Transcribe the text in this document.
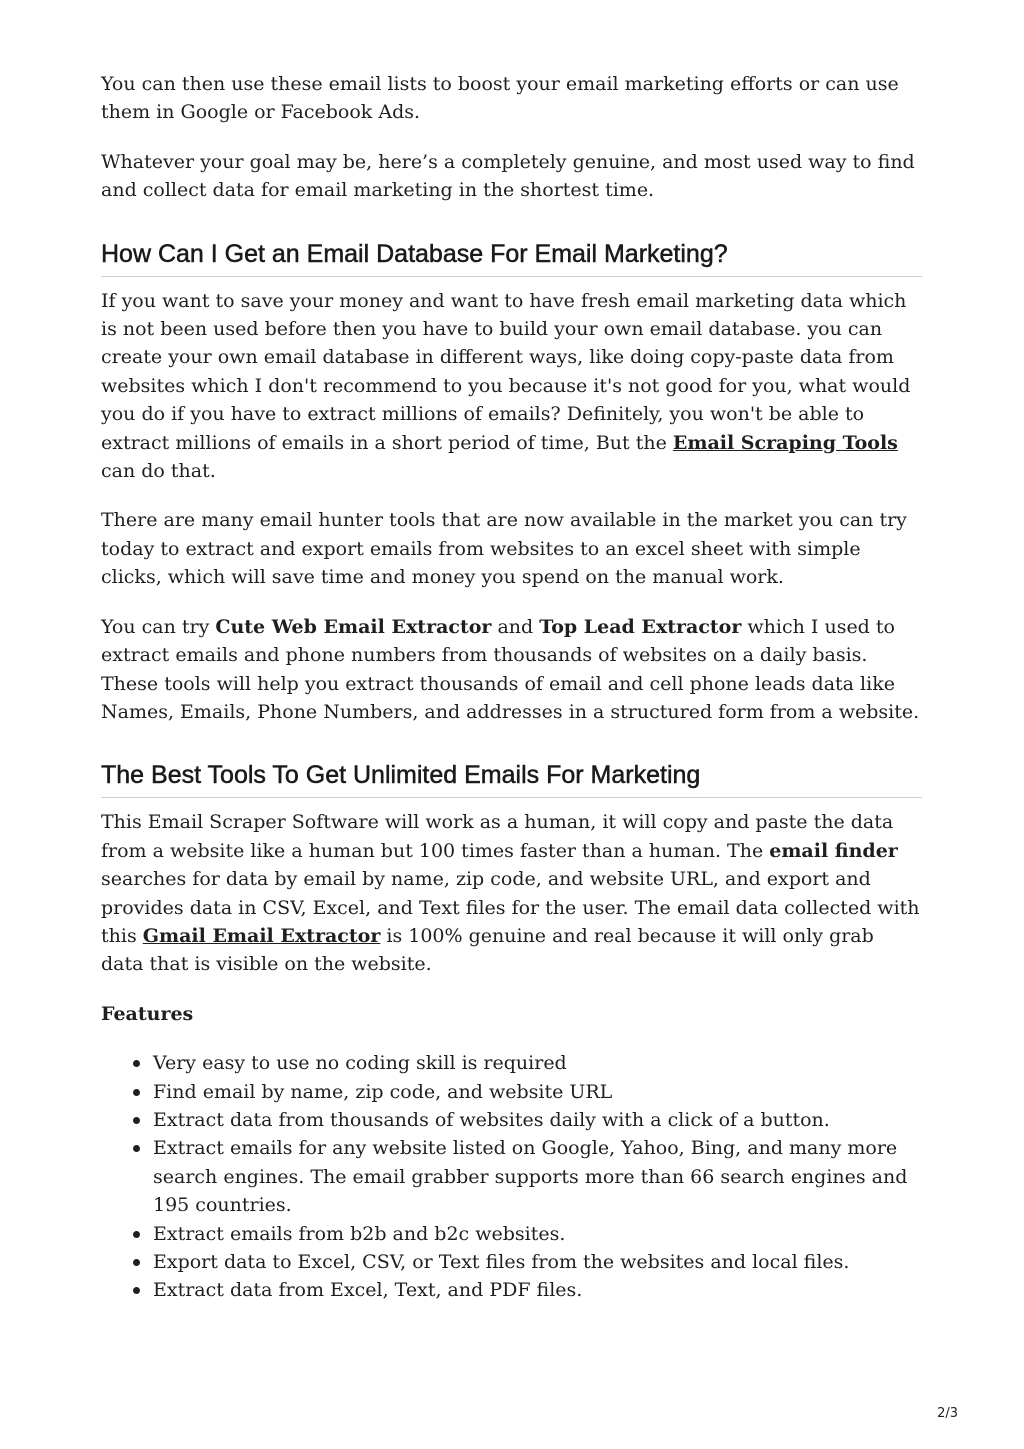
You can then use these email lists to boost your email marketing efforts or can use them in Google or Facebook Ads.

Whatever your goal may be, here’s a completely genuine, and most used way to find and collect data for email marketing in the shortest time.

How Can I Get an Email Database For Email Marketing?

If you want to save your money and want to have fresh email marketing data which is not been used before then you have to build your own email database. you can create your own email database in different ways, like doing copy-paste data from websites which I don't recommend to you because it's not good for you, what would you do if you have to extract millions of emails? Definitely, you won't be able to extract millions of emails in a short period of time, But the Email Scraping Tools can do that.

There are many email hunter tools that are now available in the market you can try today to extract and export emails from websites to an excel sheet with simple clicks, which will save time and money you spend on the manual work.

You can try Cute Web Email Extractor and Top Lead Extractor which I used to extract emails and phone numbers from thousands of websites on a daily basis. These tools will help you extract thousands of email and cell phone leads data like Names, Emails, Phone Numbers, and addresses in a structured form from a website.

The Best Tools To Get Unlimited Emails For Marketing

This Email Scraper Software will work as a human, it will copy and paste the data from a website like a human but 100 times faster than a human. The email finder searches for data by email by name, zip code, and website URL, and export and provides data in CSV, Excel, and Text files for the user. The email data collected with this Gmail Email Extractor is 100% genuine and real because it will only grab data that is visible on the website.

Features

Very easy to use no coding skill is required
Find email by name, zip code, and website URL
Extract data from thousands of websites daily with a click of a button.
Extract emails for any website listed on Google, Yahoo, Bing, and many more search engines. The email grabber supports more than 66 search engines and 195 countries.
Extract emails from b2b and b2c websites.
Export data to Excel, CSV, or Text files from the websites and local files.
Extract data from Excel, Text, and PDF files.
2/3
